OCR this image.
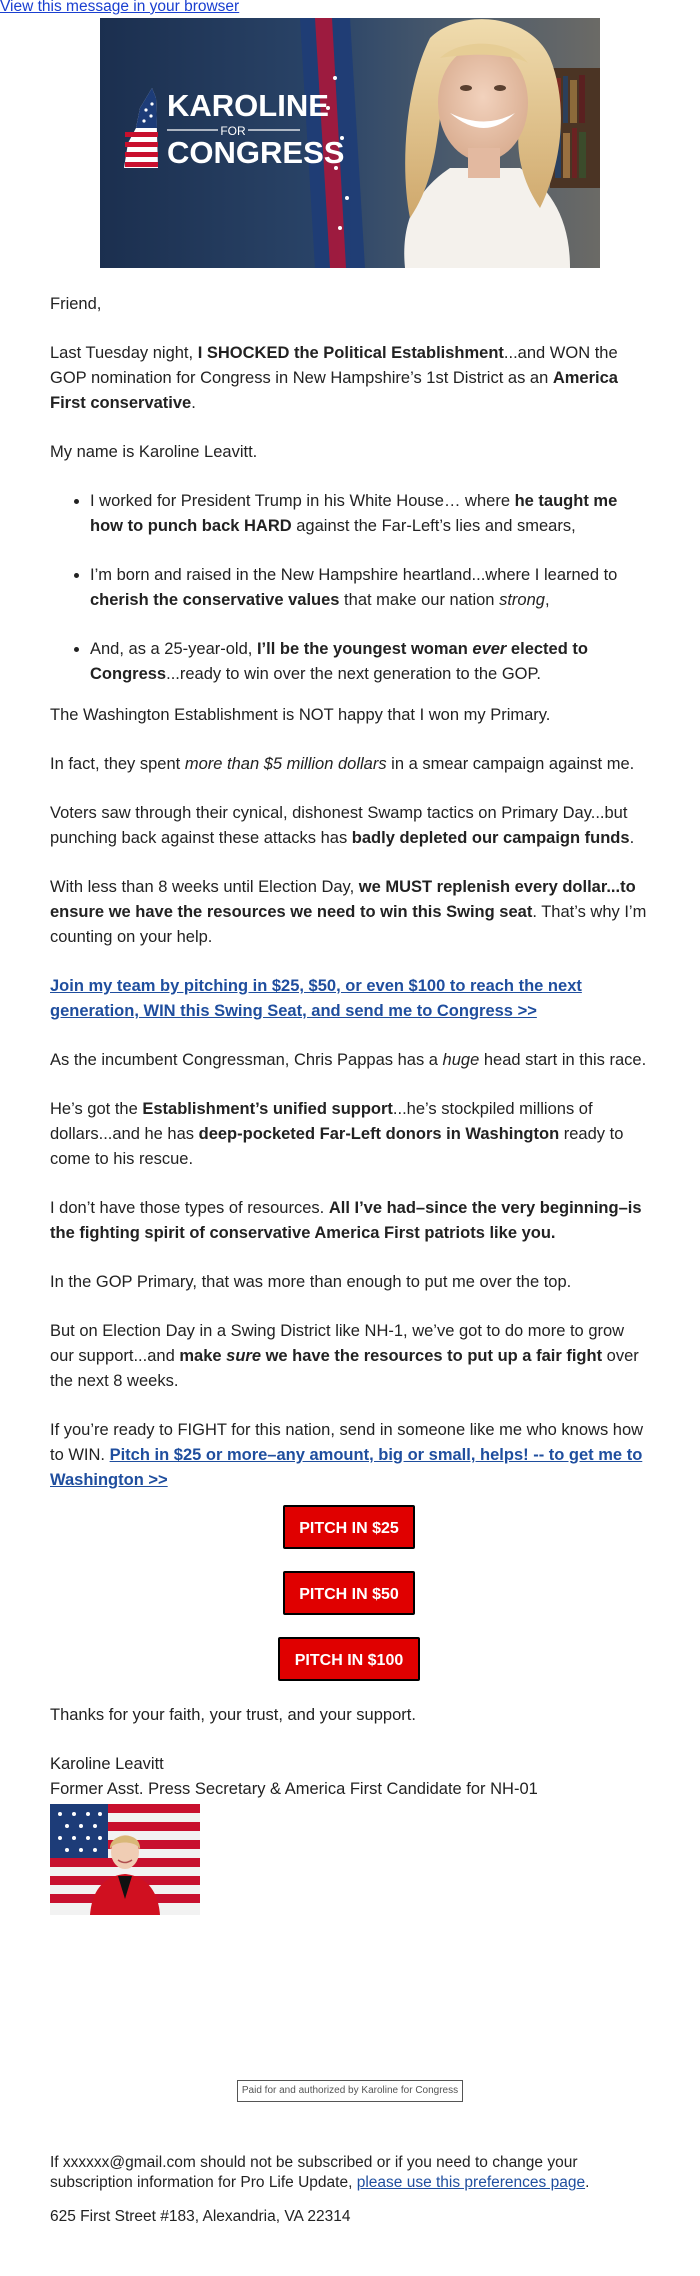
View this message in your browser
KAROLINE
FOR
CONGRESS

Friend,

Last Tuesday night, I SHOCKED the Political Establishment...and WON the GOP nomination for Congress in New Hampshire’s 1st District as an America First conservative.

My name is Karoline Leavitt.

• I worked for President Trump in his White House… where he taught me how to punch back HARD against the Far-Left’s lies and smears,
• I’m born and raised in the New Hampshire heartland...where I learned to cherish the conservative values that make our nation strong,
• And, as a 25-year-old, I’ll be the youngest woman ever elected to Congress...ready to win over the next generation to the GOP.

The Washington Establishment is NOT happy that I won my Primary.

In fact, they spent more than $5 million dollars in a smear campaign against me.

Voters saw through their cynical, dishonest Swamp tactics on Primary Day...but punching back against these attacks has badly depleted our campaign funds.

With less than 8 weeks until Election Day, we MUST replenish every dollar...to ensure we have the resources we need to win this Swing seat. That’s why I’m counting on your help.

Join my team by pitching in $25, $50, or even $100 to reach the next generation, WIN this Swing Seat, and send me to Congress >>

As the incumbent Congressman, Chris Pappas has a huge head start in this race.

He’s got the Establishment’s unified support...he’s stockpiled millions of dollars...and he has deep-pocketed Far-Left donors in Washington ready to come to his rescue.

I don’t have those types of resources. All I’ve had–since the very beginning–is the fighting spirit of conservative America First patriots like you.

In the GOP Primary, that was more than enough to put me over the top.

But on Election Day in a Swing District like NH-1, we’ve got to do more to grow our support...and make sure we have the resources to put up a fair fight over the next 8 weeks.

If you’re ready to FIGHT for this nation, send in someone like me who knows how to WIN. Pitch in $25 or more–any amount, big or small, helps! -- to get me to Washington >>

PITCH IN $25
PITCH IN $50
PITCH IN $100

Thanks for your faith, your trust, and your support.

Karoline Leavitt
Former Asst. Press Secretary & America First Candidate for NH-01
Paid for and authorized by Karoline for Congress
If xxxxxx@gmail.com should not be subscribed or if you need to change your subscription information for Pro Life Update, please use this preferences page.
625 First Street #183, Alexandria, VA 22314
